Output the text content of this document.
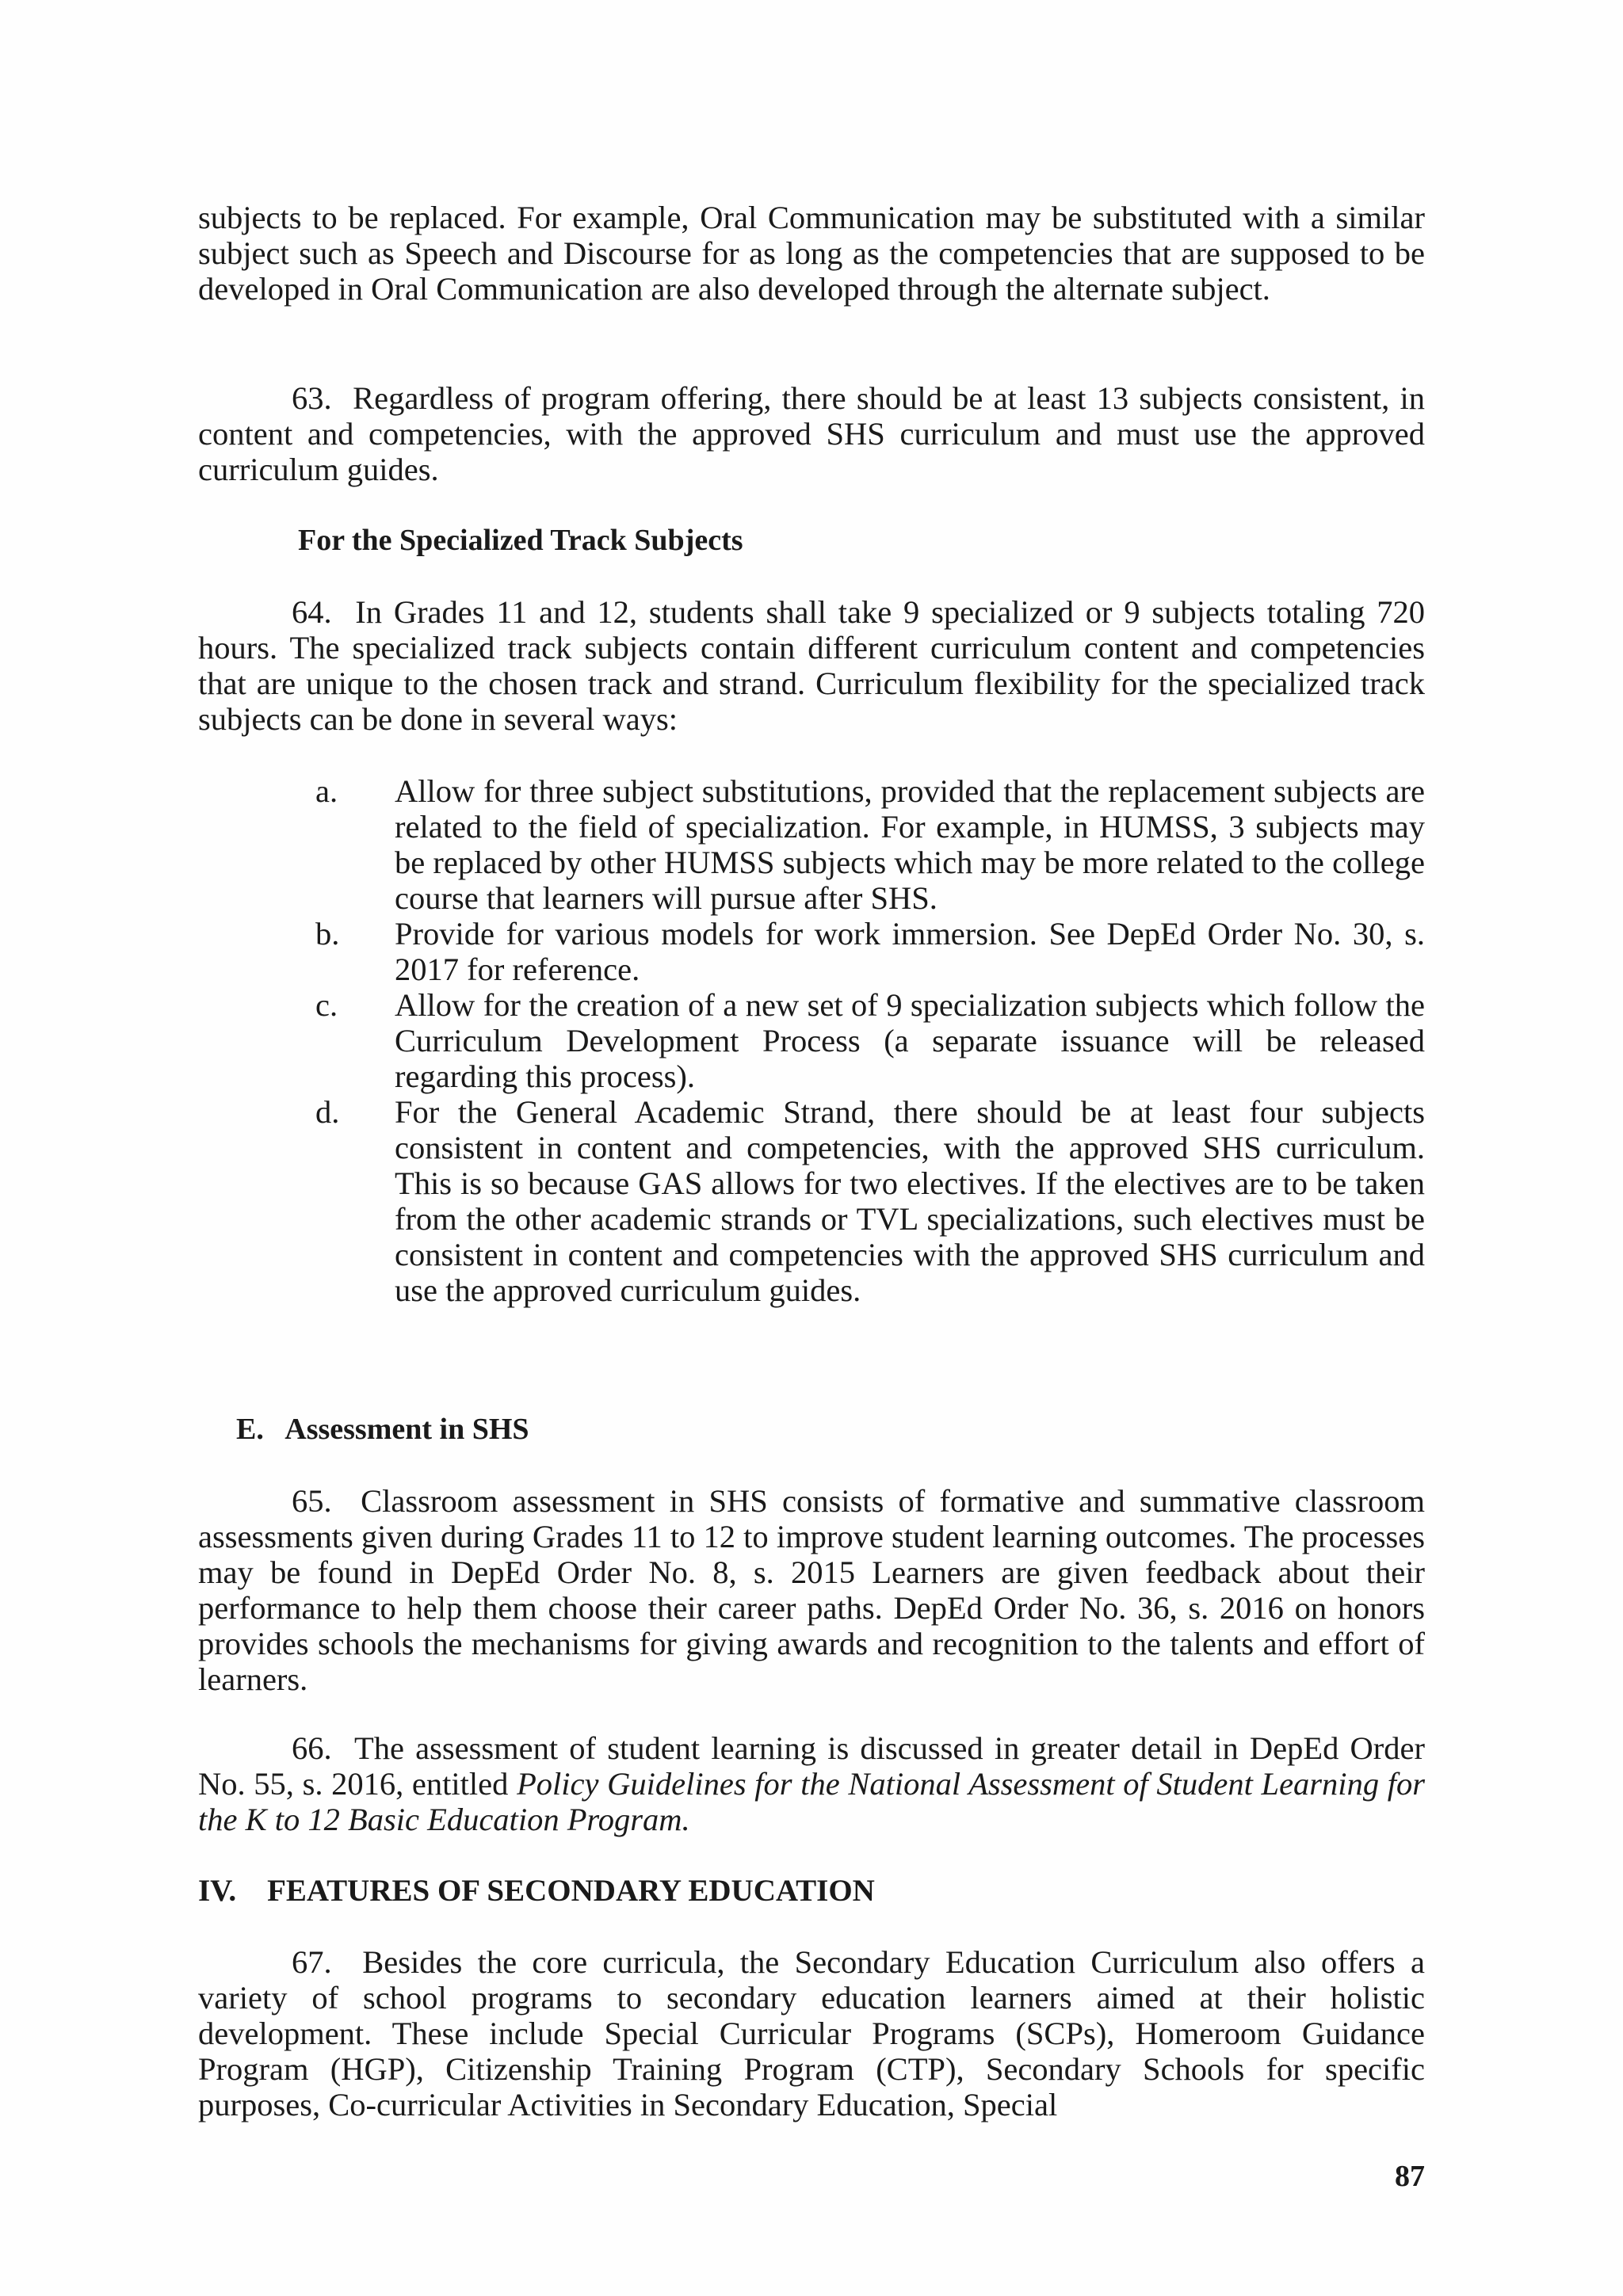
subjects to be replaced. For example, Oral Communication may be substituted with a similar subject such as Speech and Discourse for as long as the competencies that are supposed to be developed in Oral Communication are also developed through the alternate subject.

63. Regardless of program offering, there should be at least 13 subjects consistent, in content and competencies, with the approved SHS curriculum and must use the approved curriculum guides.

For the Specialized Track Subjects

64. In Grades 11 and 12, students shall take 9 specialized or 9 subjects totaling 720 hours. The specialized track subjects contain different curriculum content and competencies that are unique to the chosen track and strand. Curriculum flexibility for the specialized track subjects can be done in several ways:

a. Allow for three subject substitutions, provided that the replacement subjects are related to the field of specialization. For example, in HUMSS, 3 subjects may be replaced by other HUMSS subjects which may be more related to the college course that learners will pursue after SHS.
b. Provide for various models for work immersion. See DepEd Order No. 30, s. 2017 for reference.
c. Allow for the creation of a new set of 9 specialization subjects which follow the Curriculum Development Process (a separate issuance will be released regarding this process).
d. For the General Academic Strand, there should be at least four subjects consistent in content and competencies, with the approved SHS curriculum. This is so because GAS allows for two electives. If the electives are to be taken from the other academic strands or TVL specializations, such electives must be consistent in content and competencies with the approved SHS curriculum and use the approved curriculum guides.
E.   Assessment in SHS

65. Classroom assessment in SHS consists of formative and summative classroom assessments given during Grades 11 to 12 to improve student learning outcomes. The processes may be found in DepEd Order No. 8, s. 2015 Learners are given feedback about their performance to help them choose their career paths. DepEd Order No. 36, s. 2016 on honors provides schools the mechanisms for giving awards and recognition to the talents and effort of learners.

66. The assessment of student learning is discussed in greater detail in DepEd Order No. 55, s. 2016, entitled Policy Guidelines for the National Assessment of Student Learning for the K to 12 Basic Education Program.

IV.    FEATURES OF SECONDARY EDUCATION

67. Besides the core curricula, the Secondary Education Curriculum also offers a variety of school programs to secondary education learners aimed at their holistic development. These include Special Curricular Programs (SCPs), Homeroom Guidance Program (HGP), Citizenship Training Program (CTP), Secondary Schools for specific purposes, Co-curricular Activities in Secondary Education, Special

87
